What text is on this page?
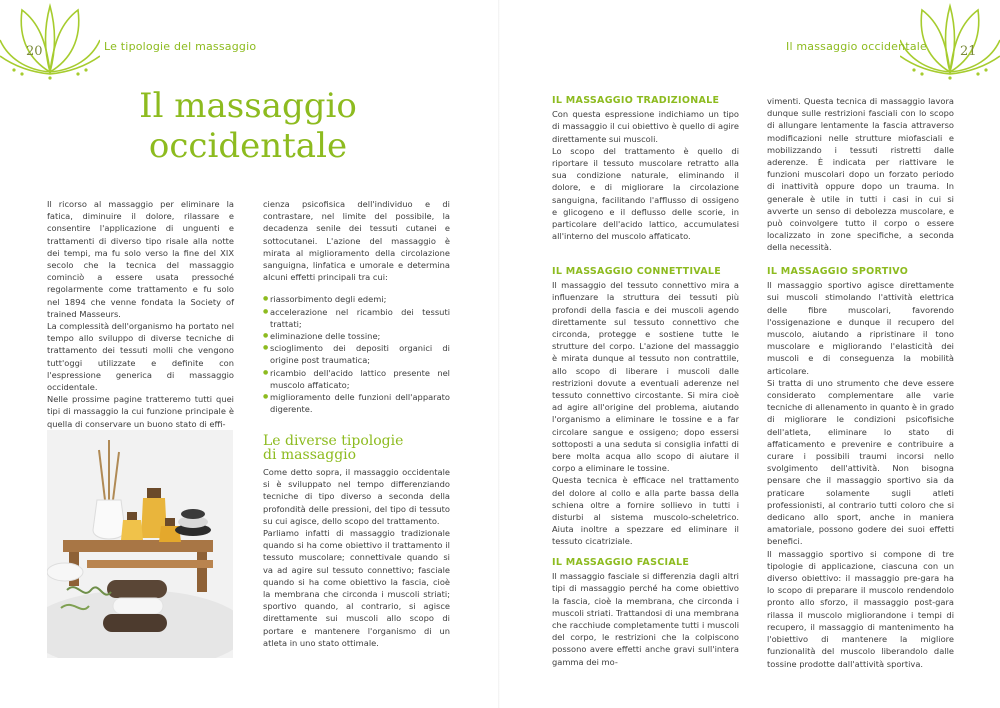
20	Le tipologie del massaggio
Il massaggio
occidentale

Il ricorso al massaggio per eliminare la fatica, diminuire il dolore, rilassare e consentire l'applicazione di unguenti e trattamenti di diverso tipo risale alla notte dei tempi, ma fu solo verso la fine del XIX secolo che la tecnica del massaggio cominciò a essere usata pressoché regolarmente come trattamento e fu solo nel 1894 che venne fondata la Society of trained Masseurs.

La complessità dell'organismo ha portato nel tempo allo sviluppo di diverse tecniche di trattamento dei tessuti molli che vengono tutt'oggi utilizzate e definite con l'espressione generica di massaggio occidentale.

Nelle prossime pagine tratteremo tutti quei tipi di massaggio la cui funzione principale è quella di conservare un buono stato di effi-

cienza psicofisica dell'individuo e di contrastare, nel limite del possibile, la decadenza senile dei tessuti cutanei e sottocutanei. L'azione del massaggio è mirata al miglioramento della circolazione sanguigna, linfatica e umorale e determina alcuni effetti principali tra cui:

● riassorbimento degli edemi;
● accelerazione nel ricambio dei tessuti trattati;
● eliminazione delle tossine;
● scioglimento dei depositi organici di origine post traumatica;
● ricambio dell'acido lattico presente nel muscolo affaticato;
● miglioramento delle funzioni dell'apparato digerente.
Le diverse tipologie
di massaggio

Come detto sopra, il massaggio occidentale si è sviluppato nel tempo differenziando tecniche di tipo diverso a seconda della profondità delle pressioni, del tipo di tessuto su cui agisce, dello scopo del trattamento.

Parliamo infatti di massaggio tradizionale quando si ha come obiettivo il trattamento il tessuto muscolare; connettivale quando si va ad agire sul tessuto connettivo; fasciale quando si ha come obiettivo la fascia, cioè la membrana che circonda i muscoli striati; sportivo quando, al contrario, si agisce direttamente sui muscoli allo scopo di portare e mantenere l'organismo di un atleta in uno stato ottimale.

Il massaggio occidentale	21
IL MASSAGGIO TRADIZIONALE

Con questa espressione indichiamo un tipo di massaggio il cui obiettivo è quello di agire direttamente sui muscoli.

Lo scopo del trattamento è quello di riportare il tessuto muscolare retratto alla sua condizione naturale, eliminando il dolore, e di migliorare la circolazione sanguigna, facilitando l'afflusso di ossigeno e glicogeno e il deflusso delle scorie, in particolare dell'acido lattico, accumulatesi all'interno del muscolo affaticato.

IL MASSAGGIO CONNETTIVALE

Il massaggio del tessuto connettivo mira a influenzare la struttura dei tessuti più profondi della fascia e dei muscoli agendo direttamente sul tessuto connettivo che circonda, protegge e sostiene tutte le strutture del corpo. L'azione del massaggio è mirata dunque al tessuto non contrattile, allo scopo di liberare i muscoli dalle restrizioni dovute a eventuali aderenze nel tessuto connettivo circostante. Si mira cioè ad agire all'origine del problema, aiutando l'organismo a eliminare le tossine e a far circolare sangue e ossigeno; dopo essersi sottoposti a una seduta si consiglia infatti di bere molta acqua allo scopo di aiutare il corpo a eliminare le tossine.

Questa tecnica è efficace nel trattamento del dolore al collo e alla parte bassa della schiena oltre a fornire sollievo in tutti i disturbi al sistema muscolo-scheletrico. Aiuta inoltre a spezzare ed eliminare il tessuto cicatriziale.

IL MASSAGGIO FASCIALE

Il massaggio fasciale si differenzia dagli altri tipi di massaggio perché ha come obiettivo la fascia, cioè la membrana, che circonda i muscoli striati. Trattandosi di una membrana che racchiude completamente tutti i muscoli del corpo, le restrizioni che la colpiscono possono avere effetti anche gravi sull'intera gamma dei mo-

vimenti. Questa tecnica di massaggio lavora dunque sulle restrizioni fasciali con lo scopo di allungare lentamente la fascia attraverso modificazioni nelle strutture miofasciali e mobilizzando i tessuti ristretti dalle aderenze. È indicata per riattivare le funzioni muscolari dopo un forzato periodo di inattività oppure dopo un trauma. In generale è utile in tutti i casi in cui si avverte un senso di debolezza muscolare, e può coinvolgere tutto il corpo o essere localizzato in zone specifiche, a seconda della necessità.

IL MASSAGGIO SPORTIVO

Il massaggio sportivo agisce direttamente sui muscoli stimolando l'attività elettrica delle fibre muscolari, favorendo l'ossigenazione e dunque il recupero del muscolo, aiutando a ripristinare il tono muscolare e migliorando l'elasticità dei muscoli e di conseguenza la mobilità articolare.

Si tratta di uno strumento che deve essere considerato complementare alle varie tecniche di allenamento in quanto è in grado di migliorare le condizioni psicofisiche dell'atleta, eliminare lo stato di affaticamento e prevenire e contribuire a curare i possibili traumi incorsi nello svolgimento dell'attività. Non bisogna pensare che il massaggio sportivo sia da praticare solamente sugli atleti professionisti, al contrario tutti coloro che si dedicano allo sport, anche in maniera amatoriale, possono godere dei suoi effetti benefici.

Il massaggio sportivo si compone di tre tipologie di applicazione, ciascuna con un diverso obiettivo: il massaggio pre-gara ha lo scopo di preparare il muscolo rendendolo pronto allo sforzo, il massaggio post-gara rilassa il muscolo migliorandone i tempi di recupero, il massaggio di mantenimento ha l'obiettivo di mantenere la migliore funzionalità del muscolo liberandolo dalle tossine prodotte dall'attività sportiva.
